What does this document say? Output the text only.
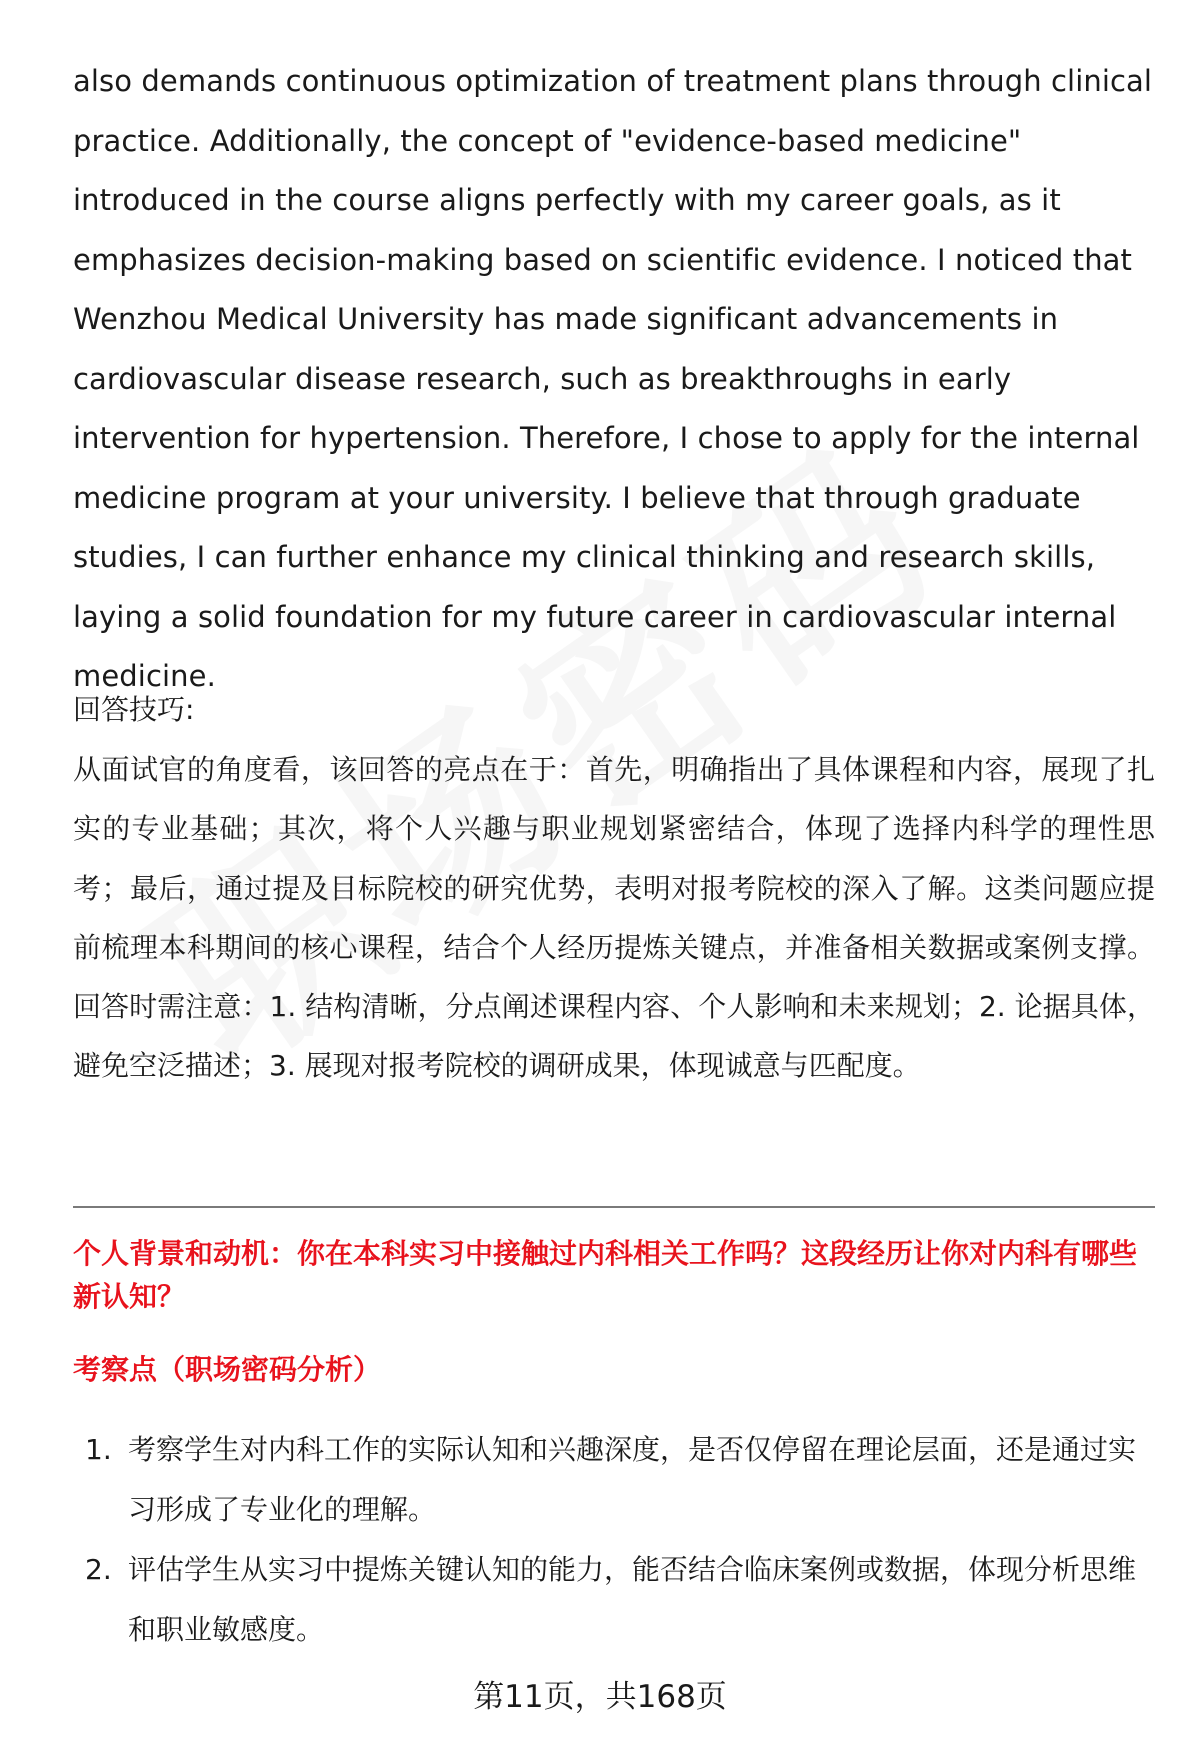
also demands continuous optimization of treatment plans through clinical practice. Additionally, the concept of "evidence-based medicine" introduced in the course aligns perfectly with my career goals, as it emphasizes decision-making based on scientific evidence. I noticed that Wenzhou Medical University has made significant advancements in cardiovascular disease research, such as breakthroughs in early intervention for hypertension. Therefore, I chose to apply for the internal medicine program at your university. I believe that through graduate studies, I can further enhance my clinical thinking and research skills, laying a solid foundation for my future career in cardiovascular internal medicine.

回答技巧:

从面试官的角度看，该回答的亮点在于：首先，明确指出了具体课程和内容，展现了扎实的专业基础；其次，将个人兴趣与职业规划紧密结合，体现了选择内科学的理性思考；最后，通过提及目标院校的研究优势，表明对报考院校的深入了解。这类问题应提前梳理本科期间的核心课程，结合个人经历提炼关键点，并准备相关数据或案例支撑。回答时需注意：1. 结构清晰，分点阐述课程内容、个人影响和未来规划；2. 论据具体，避免空泛描述；3. 展现对报考院校的调研成果，体现诚意与匹配度。

个人背景和动机：你在本科实习中接触过内科相关工作吗？这段经历让你对内科有哪些新认知？

考察点（职场密码分析）

1. 考察学生对内科工作的实际认知和兴趣深度，是否仅停留在理论层面，还是通过实习形成了专业化的理解。
2. 评估学生从实习中提炼关键认知的能力，能否结合临床案例或数据，体现分析思维和职业敏感度。
第11页，共168页
